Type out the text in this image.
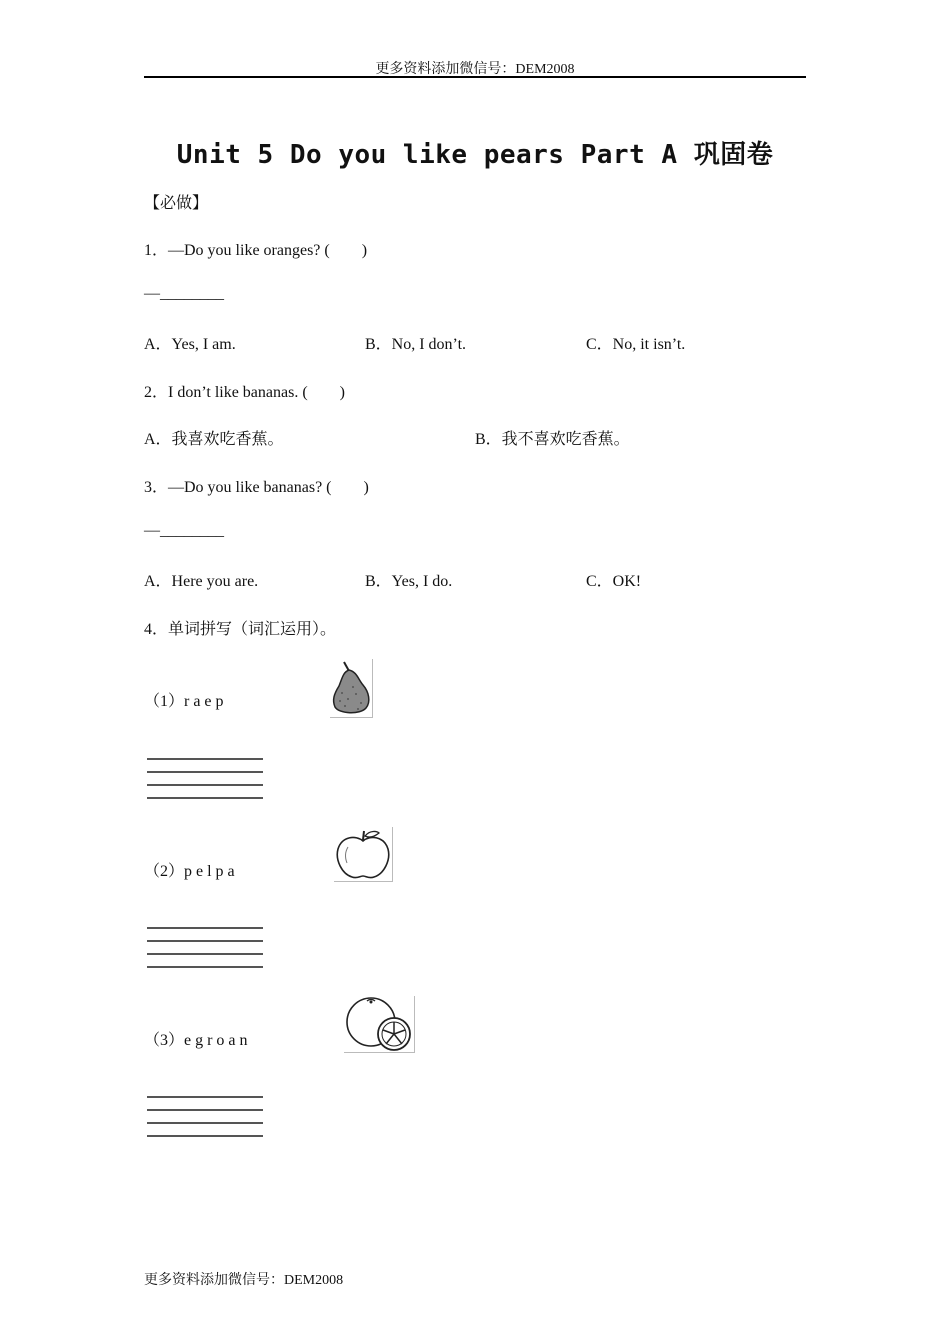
更多资料添加微信号：DEM2008
Unit 5 Do you like pears Part A 巩固卷
【必做】
1．—Do you like oranges? (        )
—________
A．Yes, I am.	B．No, I don’t.	C．No, it isn’t.
2．I don’t like bananas. (        )
A．我喜欢吃香蕉。	B．我不喜欢吃香蕉。
3．—Do you like bananas? (        )
—________
A．Here you are.	B．Yes, I do.	C．OK!
4．单词拼写（词汇运用）。
（1）r a e p
（2）p e l p a
（3）e g r o a n
更多资料添加微信号：DEM2008
